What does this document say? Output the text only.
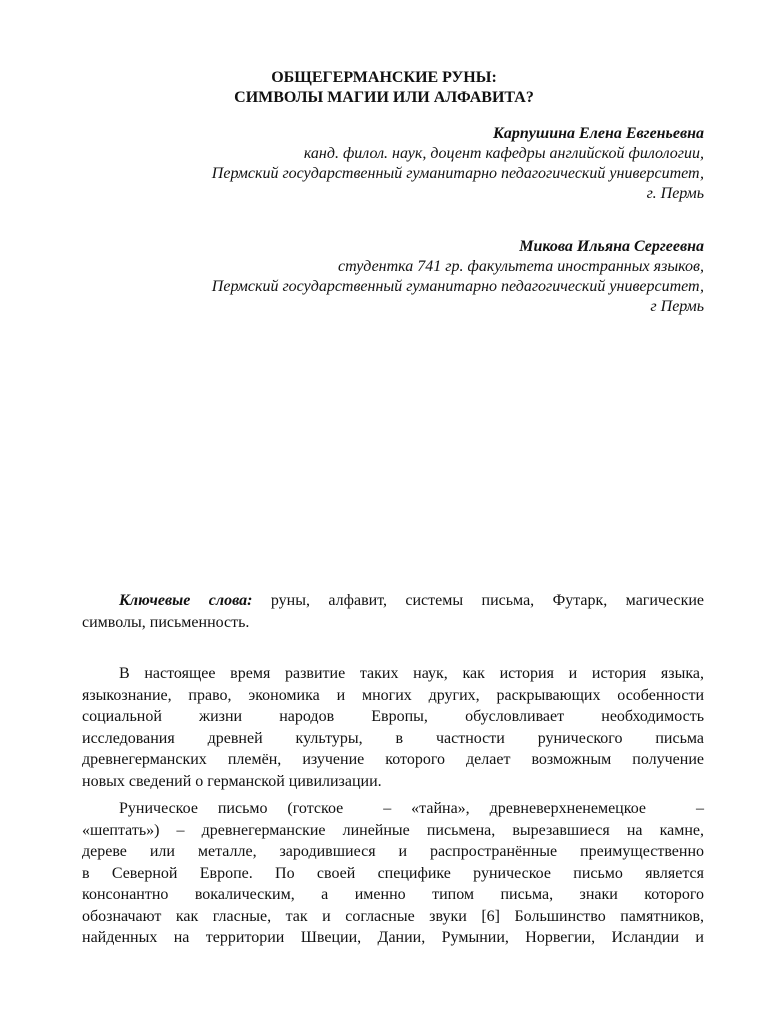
ОБЩЕГЕРМАНСКИЕ РУНЫ:
СИМВОЛЫ МАГИИ ИЛИ АЛФАВИТА?
Карпушина Елена Евгеньевна
канд. филол. наук, доцент кафедры английской филологии,
Пермский государственный гуманитарно педагогический университет,
г. Пермь
Микова Ильяна Сергеевна
студентка 741 гр. факультета иностранных языков,
Пермский государственный гуманитарно педагогический университет,
г Пермь
Ключевые слова: руны, алфавит, системы письма, Футарк, магические
символы, письменность.
В настоящее время развитие таких наук, как история и история языка,
языкознание, право, экономика и многих других, раскрывающих особенности
социальной жизни народов Европы, обусловливает необходимость
исследования древней культуры, в частности рунического письма
древнегерманских племён, изучение которого делает возможным получение
новых сведений о германской цивилизации.
Руническое письмо (готское	– «тайна», древневерхненемецкое	–
«шептать») – древнегерманские линейные письмена, вырезавшиеся на камне,
дереве или металле, зародившиеся и распространённые преимущественно
в Северной Европе. По своей специфике руническое письмо является
консонантно вокалическим, а именно типом письма, знаки которого
обозначают как гласные, так и согласные звуки [6] Большинство памятников,
найденных на территории Швеции, Дании, Румынии, Норвегии, Исландии и
